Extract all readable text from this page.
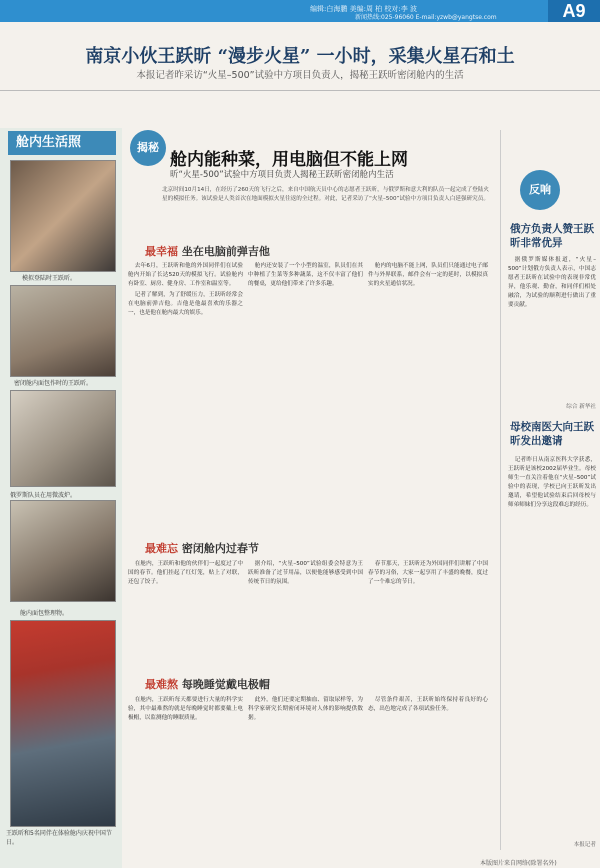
编辑:白海鹏 美编:周 柏 校对:李 波
新闻热线:025-96060 E-mail:yzwb@yangtse.com	A9
南京小伙王跃昕 “漫步火星” 一小时，采集火星石和土
本报记者昨采访“火星–500”试验中方项目负责人，揭秘王跃昕密闭舱内的生活
舱内生活照
模拟登陆时王跃昕。
密闭舱内面包作时的王跃昕。
俄罗斯队员在用微波炉。
舱内面包整理物。
王跃昕和5名同伴在体验舱内庆祝中国节日。
揭秘
舱内能种菜，用电脑但不能上网
昕“火星-500”试验中方项目负责人揭秘王跃昕密闭舱内生活
北京时间10月14日，在经历了260天的飞行之后，来自中国航天员中心的志愿者王跃昕，与俄罗斯和意大利的队员一起完成了登陆火星的模拟任务。该试验是人类首次在地面模拟火星往返的全过程。对此，记者采访了“火星–500”试验中方项目负责人白延强研究员。
最幸福 坐在电脑前弹吉他

去年6月，王跃昕和他的外国同伴们在试验舱内开始了长达520天的模拟飞行。试验舱内有卧室、厨房、健身房、工作室和温室等。

记者了解到，为了舒缓压力，王跃昕经常会在电脑前弹吉他。吉他是他最喜欢的乐器之一，也是他在舱内最大的娱乐。

舱内还安装了一个小型的温室，队员们在其中种植了生菜等多种蔬菜，这不仅丰富了他们的餐桌，更给他们带来了许多乐趣。

舱内的电脑不能上网，队员们只能通过电子邮件与外界联系，邮件会有一定的延时，以模拟真实的火星通信状况。

最难忘 密闭舱内过春节

在舱内，王跃昕和他的伙伴们一起度过了中国的春节。他们挂起了红灯笼，贴上了对联，还包了饺子。

据介绍，“火星–500”试验组委会特意为王跃昕准备了过节用品，以便他能够感受到中国传统节日的氛围。

春节那天，王跃昕还为外国同伴们讲解了中国春节的习俗，大家一起享用了丰盛的晚餐，度过了一个难忘的节日。

最难熬 每晚睡觉戴电极帽

在舱内，王跃昕每天都要进行大量的科学实验，其中最难熬的就是每晚睡觉时都要戴上电极帽，以监测他的睡眠质量。

此外，他们还要定期抽血、留取尿样等，为科学家研究长期密闭环境对人体的影响提供数据。

尽管条件艰苦，王跃昕始终保持着良好的心态，出色地完成了各项试验任务。

反响
俄方负责人赞王跃昕非常优异

据俄罗斯媒体报道，“火星–500”计划俄方负责人表示，中国志愿者王跃昕在试验中的表现非常优异，他乐观、勤奋，和同伴们相处融洽，为试验的顺利进行做出了重要贡献。

综合 新华社
母校南医大向王跃昕发出邀请

记者昨日从南京医科大学获悉，王跃昕是该校2002届毕业生。母校师生一直关注着他在“火星–500”试验中的表现，学校已向王跃昕发出邀请，希望他试验结束后回母校与师弟师妹们分享这段难忘的经历。

本报记者
本版图片来自网络(除署名外)
